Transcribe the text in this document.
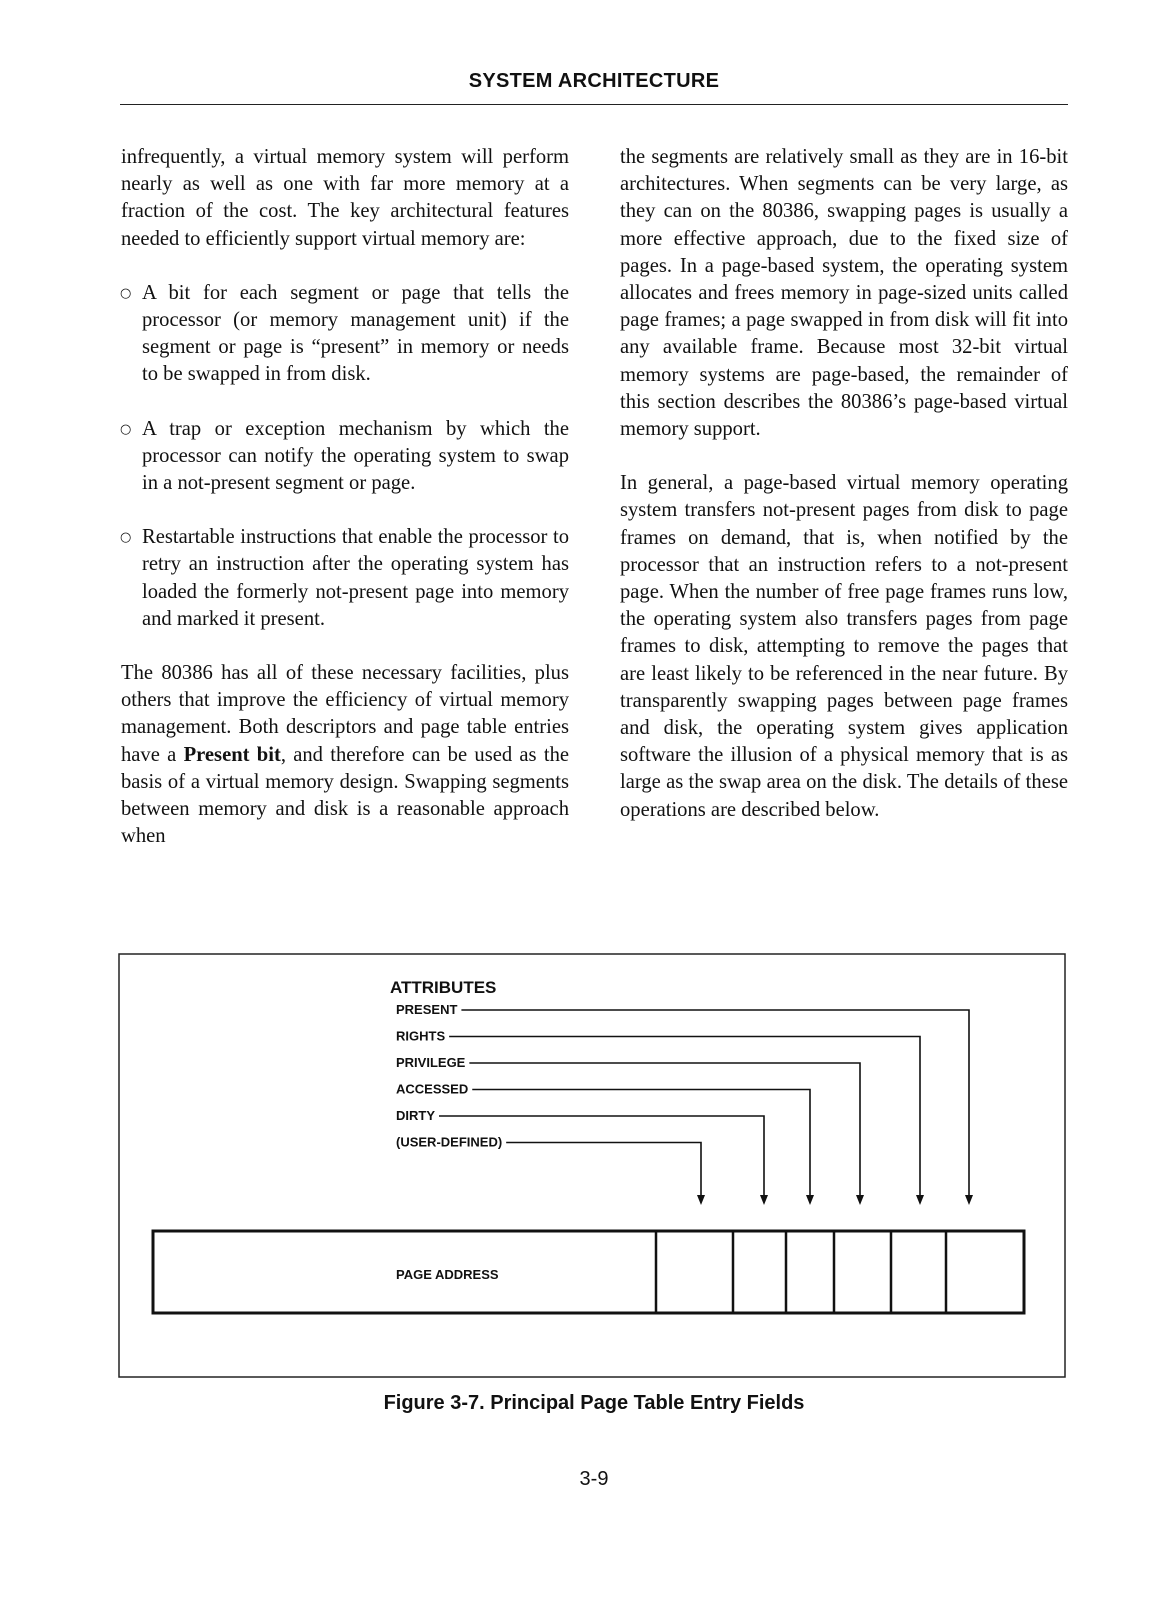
SYSTEM ARCHITECTURE

infrequently, a virtual memory system will perform nearly as well as one with far more memory at a fraction of the cost. The key architectural features needed to efficiently support virtual memory are:

○ A bit for each segment or page that tells the processor (or memory management unit) if the segment or page is “present” in memory or needs to be swapped in from disk.
○ A trap or exception mechanism by which the processor can notify the operating system to swap in a not-present segment or page.
○ Restartable instructions that enable the processor to retry an instruction after the operating system has loaded the formerly not-present page into memory and marked it present.

The 80386 has all of these necessary facilities, plus others that improve the efficiency of virtual memory management. Both descriptors and page table entries have a Present bit, and therefore can be used as the basis of a virtual memory design. Swapping segments between memory and disk is a reasonable approach when

the segments are relatively small as they are in 16-bit architectures. When segments can be very large, as they can on the 80386, swapping pages is usually a more effective approach, due to the fixed size of pages. In a page-based system, the operating system allocates and frees memory in page-sized units called page frames; a page swapped in from disk will fit into any available frame. Because most 32-bit virtual memory systems are page-based, the remainder of this section describes the 80386’s page-based virtual memory support.

In general, a page-based virtual memory operating system transfers not-present pages from disk to page frames on demand, that is, when notified by the processor that an instruction refers to a not-present page. When the number of free page frames runs low, the operating system also transfers pages from page frames to disk, attempting to remove the pages that are least likely to be referenced in the near future. By transparently swapping pages between page frames and disk, the operating system gives application software the illusion of a physical memory that is as large as the swap area on the disk. The details of these operations are described below.

ATTRIBUTES
PRESENT
RIGHTS
PRIVILEGE
ACCESSED
DIRTY
(USER-DEFINED)
PAGE ADDRESS
Figure 3-7. Principal Page Table Entry Fields
3-9
